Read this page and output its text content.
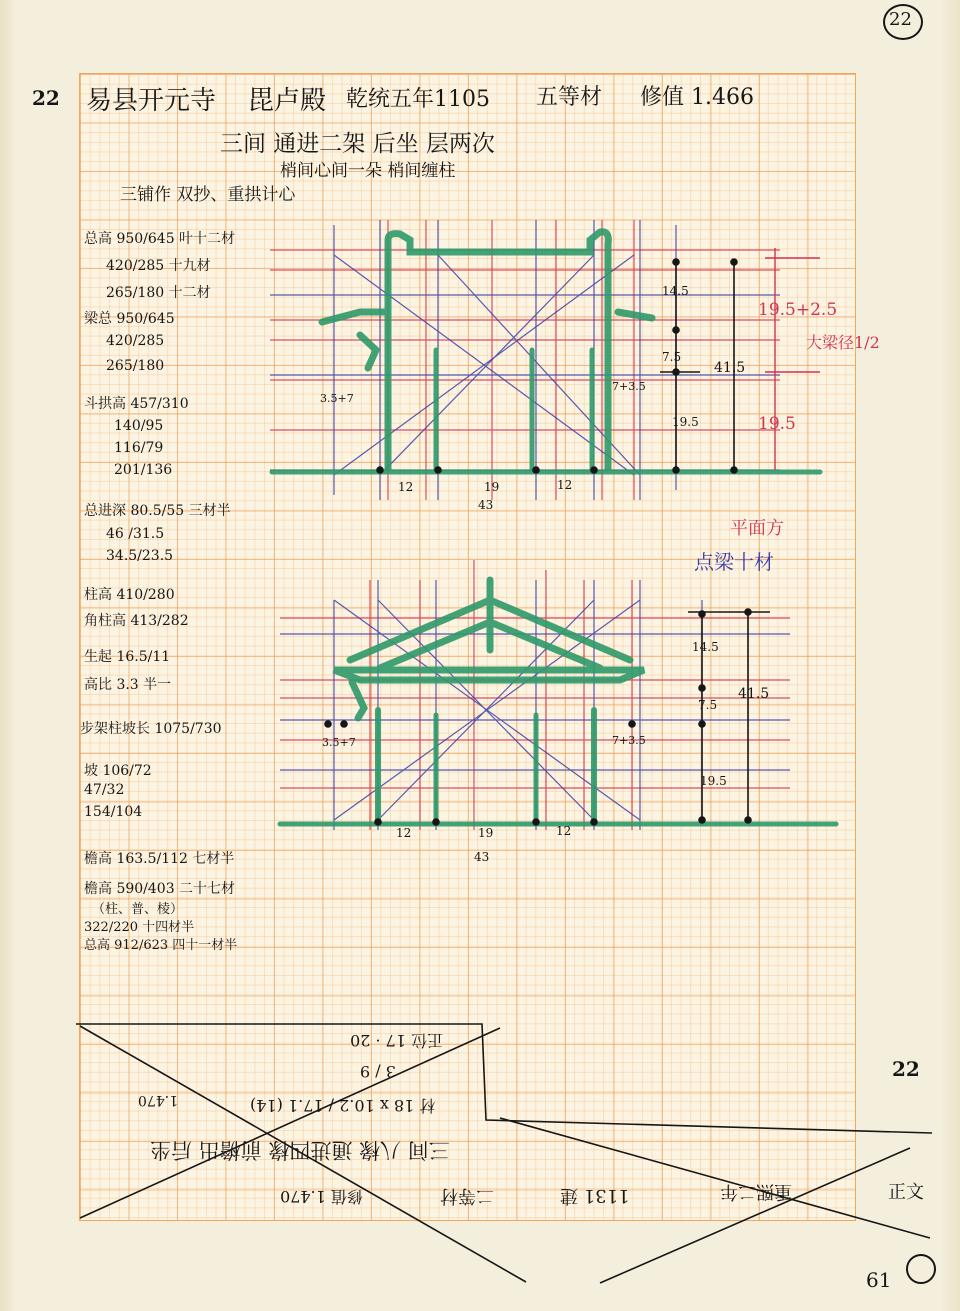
22
22 易县开元寺 毘卢殿 乾统五年1105 五等材 修值 1.466
三间 通进二架 后坐 层两次
梢间心间一朵 梢间缠柱
三铺作 双抄、重拱计心
总高 950/645 叶十二材
420/285 十九材
265/180 十二材
梁总 950/645
420/285
265/180
斗拱高 457/310
140/95
116/79
201/136
总进深 80.5/55 三材半
46 /31.5
34.5/23.5
柱高 410/280
角柱高 413/282
生起 16.5/11
高比 3.3 半一
步架柱坡长 1075/730
坡 106/72
47/32
154/104
檐高 163.5/112 七材半
檐高 590/403 二十七材
（柱、普、棱）
322/220 十四材半
总高 912/623 四十一材半
3.5+7
14.5
7.5
7+3.5
19.5
41.5
19.5+2.5
19.5
大梁径1/2
12	19	12
43
平面方
点梁十材
3.5+7
14.5
7.5
7+3.5
19.5
41.5
12	19	12
43
正位 17 · 20
3 / 9
材 18 x 10.2 / 17.1 (14)
1.470
三间 八椽 通进四椽 前檐出 后坐
修值 1.470	二等材	1131 建	重熙二年
22
正文
61
